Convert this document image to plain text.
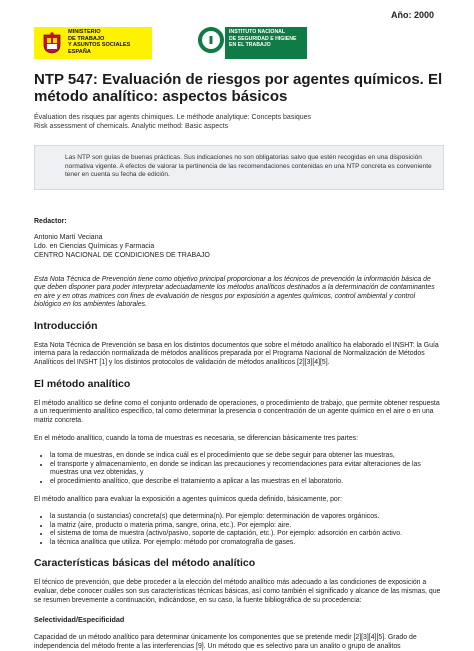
Año: 2000
MINISTERIO
DE TRABAJO
Y ASUNTOS SOCIALES
ESPAÑA
INSTITUTO NACIONAL
DE SEGURIDAD E HIGIENE
EN EL TRABAJO
NTP 547: Evaluación de riesgos por agentes químicos. El método analítico: aspectos básicos
Évaluation des risques par agents chimiques. Le méthode analytique: Concepts basiques
Risk assessment of chemicals. Analytic method: Basic aspects
Las NTP son guías de buenas prácticas. Sus indicaciones no son obligatorias salvo que estén recogidas en una disposición normativa vigente. A efectos de valorar la pertinencia de las recomendaciones contenidas en una NTP concreta es conveniente tener en cuenta su fecha de edición.
Redactor:
Antonio Martí Veciana
Ldo. en Ciencias Químicas y Farmacia
CENTRO NACIONAL DE CONDICIONES DE TRABAJO
Esta Nota Técnica de Prevención tiene como objetivo principal proporcionar a los técnicos de prevención la información básica de que deben disponer para poder interpretar adecuadamente los métodos analíticos destinados a la determinación de contaminantes en aire y en otras matrices con fines de evaluación de riesgos por exposición a agentes químicos, control ambiental y control biológico en los ambientes laborales.
Introducción
Esta Nota Técnica de Prevención se basa en los distintos documentos que sobre el método analítico ha elaborado el INSHT: la Guía interna para la redacción normalizada de métodos analíticos preparada por el Programa Nacional de Normalización de Métodos Analíticos del INSHT [1] y los distintos protocolos de validación de métodos analíticos [2][3][4][5].
El método analítico
El método analítico se define como el conjunto ordenado de operaciones, o procedimiento de trabajo, que permite obtener respuesta a un requerimiento analítico específico, tal como determinar la presencia o concentración de un agente químico en el aire o en una matriz concreta.
En el método analítico, cuando la toma de muestras es necesaria, se diferencian básicamente tres partes:
• la toma de muestras, en donde se indica cuál es el procedimiento que se debe seguir para obtener las muestras,
• el transporte y almacenamiento, en donde se indican las precauciones y recomendaciones para evitar alteraciones de las muestras una vez obtenidas, y
• el procedimiento analítico, que describe el tratamiento a aplicar a las muestras en el laboratorio.
El método analítico para evaluar la exposición a agentes químicos queda definido, básicamente, por:
• la sustancia (o sustancias) concreta(s) que determina(n). Por ejemplo: determinación de vapores orgánicos.
• la matriz (aire, producto o materia prima, sangre, orina, etc.). Por ejemplo: aire.
• el sistema de toma de muestra (activo/pasivo, soporte de captación, etc.). Por ejemplo: adsorción en carbón activo.
• la técnica analítica que utiliza. Por ejemplo: método por cromatografía de gases.
Características básicas del método analítico
El técnico de prevención, que debe proceder a la elección del método analítico más adecuado a las condiciones de exposición a evaluar, debe conocer cuáles son sus características técnicas básicas, así como también el significado y alcance de las mismas, que se resumen brevemente a continuación, indicándose, en su caso, la fuente bibliográfica de su procedencia:
Selectividad/Especificidad
Capacidad de un método analítico para determinar únicamente los componentes que se pretende medir [2][3][4][5]. Grado de independencia del método frente a las interferencias [9]. Un método que es selectivo para un analito o grupo de analitos
